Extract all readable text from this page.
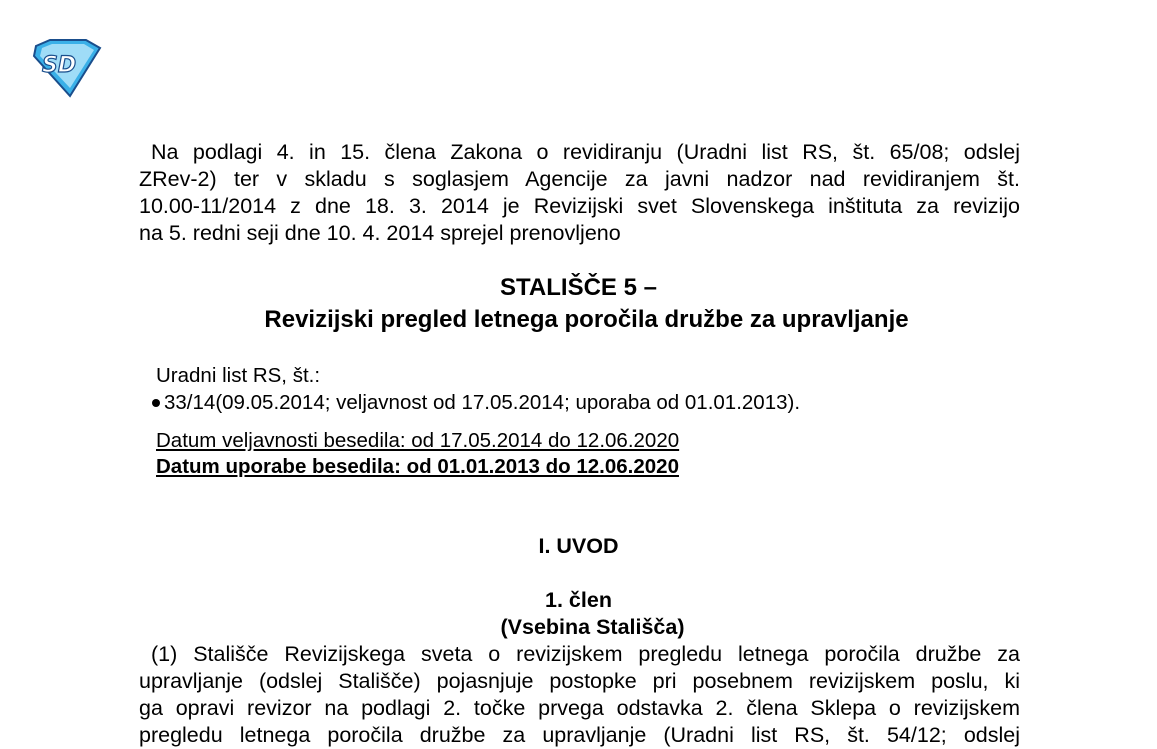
SD
Na podlagi 4. in 15. člena Zakona o revidiranju (Uradni list RS, št. 65/08; odslej
ZRev-2) ter v skladu s soglasjem Agencije za javni nadzor nad revidiranjem št.
10.00-11/2014 z dne 18. 3. 2014 je Revizijski svet Slovenskega inštituta za revizijo
na 5. redni seji dne 10. 4. 2014 sprejel prenovljeno
STALIŠČE 5 –
Revizijski pregled letnega poročila družbe za upravljanje
Uradni list RS, št.:
33/14 (09.05.2014; veljavnost od 17.05.2014; uporaba od 01.01.2013).
Datum veljavnosti besedila: od 17.05.2014 do 12.06.2020
Datum uporabe besedila: od 01.01.2013 do 12.06.2020
I. UVOD
1. člen
(Vsebina Stališča)
(1) Stališče Revizijskega sveta o revizijskem pregledu letnega poročila družbe za
upravljanje (odslej Stališče) pojasnjuje postopke pri posebnem revizijskem poslu, ki
ga opravi revizor na podlagi 2. točke prvega odstavka 2. člena Sklepa o revizijskem
pregledu letnega poročila družbe za upravljanje (Uradni list RS, št. 54/12; odslej
